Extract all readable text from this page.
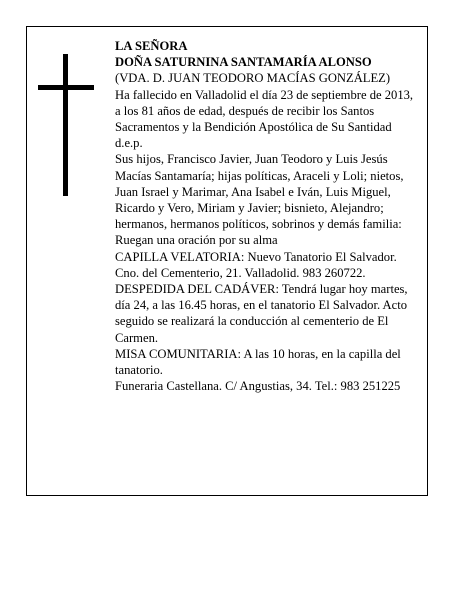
LA SEÑORA
DOÑA SATURNINA SANTAMARÍA ALONSO
(VDA. D. JUAN TEODORO MACÍAS GONZÁLEZ)
Ha fallecido en Valladolid el día 23 de septiembre de 2013, a los 81 años de edad, después de recibir los Santos Sacramentos y la Bendición Apostólica de Su Santidad
d.e.p.
Sus hijos, Francisco Javier, Juan Teodoro y Luis Jesús Macías Santamaría; hijas políticas, Araceli y Loli; nietos, Juan Israel y Marimar, Ana Isabel e Iván, Luis Miguel, Ricardo y Vero, Miriam y Javier; bisnieto, Alejandro; hermanos, hermanos políticos, sobrinos y demás familia:
Ruegan una oración por su alma
CAPILLA VELATORIA: Nuevo Tanatorio El Salvador. Cno. del Cementerio, 21. Valladolid. 983 260722.
DESPEDIDA DEL CADÁVER: Tendrá lugar hoy martes, día 24, a las 16.45 horas, en el tanatorio El Salvador. Acto seguido se realizará la conducción al cementerio de El Carmen.
MISA COMUNITARIA: A las 10 horas, en la capilla del tanatorio.
Funeraria Castellana. C/ Angustias, 34. Tel.: 983 251225
